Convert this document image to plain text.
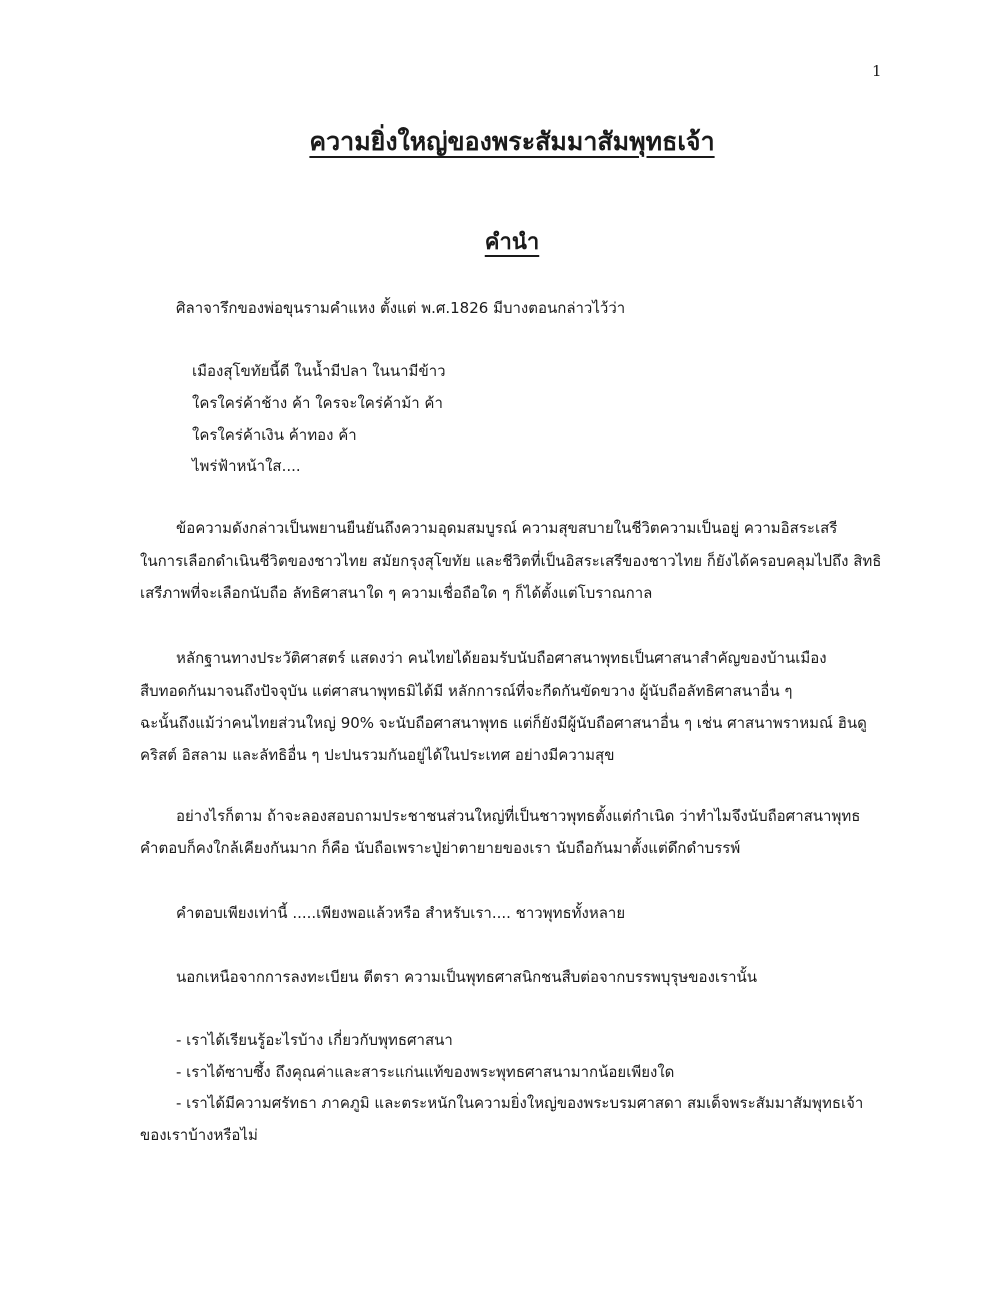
1
ความยิ่งใหญ่ของพระสัมมาสัมพุทธเจ้า
คำนำ
ศิลาจารึกของพ่อขุนรามคำแหง ตั้งแต่ พ.ศ.1826 มีบางตอนกล่าวไว้ว่า
เมืองสุโขทัยนี้ดี ในน้ำมีปลา ในนามีข้าว
ใครใคร่ค้าช้าง ค้า ใครจะใคร่ค้าม้า ค้า
ใครใคร่ค้าเงิน ค้าทอง ค้า
ไพร่ฟ้าหน้าใส....
ข้อความดังกล่าวเป็นพยานยืนยันถึงความอุดมสมบูรณ์ ความสุขสบายในชีวิตความเป็นอยู่ ความอิสระเสรี
ในการเลือกดำเนินชีวิตของชาวไทย สมัยกรุงสุโขทัย และชีวิตที่เป็นอิสระเสรีของชาวไทย ก็ยังได้ครอบคลุมไปถึง สิทธิ
เสรีภาพที่จะเลือกนับถือ ลัทธิศาสนาใด ๆ ความเชื่อถือใด ๆ ก็ได้ตั้งแต่โบราณกาล
หลักฐานทางประวัติศาสตร์ แสดงว่า คนไทยได้ยอมรับนับถือศาสนาพุทธเป็นศาสนาสำคัญของบ้านเมือง
สืบทอดกันมาจนถึงปัจจุบัน แต่ศาสนาพุทธมิได้มี หลักการณ์ที่จะกีดกันขัดขวาง ผู้นับถือลัทธิศาสนาอื่น ๆ
ฉะนั้นถึงแม้ว่าคนไทยส่วนใหญ่ 90% จะนับถือศาสนาพุทธ แต่ก็ยังมีผู้นับถือศาสนาอื่น ๆ เช่น ศาสนาพราหมณ์ ฮินดู
คริสต์ อิสลาม และลัทธิอื่น ๆ ปะปนรวมกันอยู่ได้ในประเทศ อย่างมีความสุข
อย่างไรก็ตาม ถ้าจะลองสอบถามประชาชนส่วนใหญ่ที่เป็นชาวพุทธตั้งแต่กำเนิด ว่าทำไมจึงนับถือศาสนาพุทธ
คำตอบก็คงใกล้เคียงกันมาก ก็คือ นับถือเพราะปู่ย่าตายายของเรา นับถือกันมาตั้งแต่ดึกดำบรรพ์
คำตอบเพียงเท่านี้ .....เพียงพอแล้วหรือ สำหรับเรา.... ชาวพุทธทั้งหลาย
นอกเหนือจากการลงทะเบียน ตีตรา ความเป็นพุทธศาสนิกชนสืบต่อจากบรรพบุรุษของเรานั้น
- เราได้เรียนรู้อะไรบ้าง เกี่ยวกับพุทธศาสนา
- เราได้ซาบซึ้ง ถึงคุณค่าและสาระแก่นแท้ของพระพุทธศาสนามากน้อยเพียงใด
- เราได้มีความศรัทธา ภาคภูมิ และตระหนักในความยิ่งใหญ่ของพระบรมศาสดา สมเด็จพระสัมมาสัมพุทธเจ้า
ของเราบ้างหรือไม่
